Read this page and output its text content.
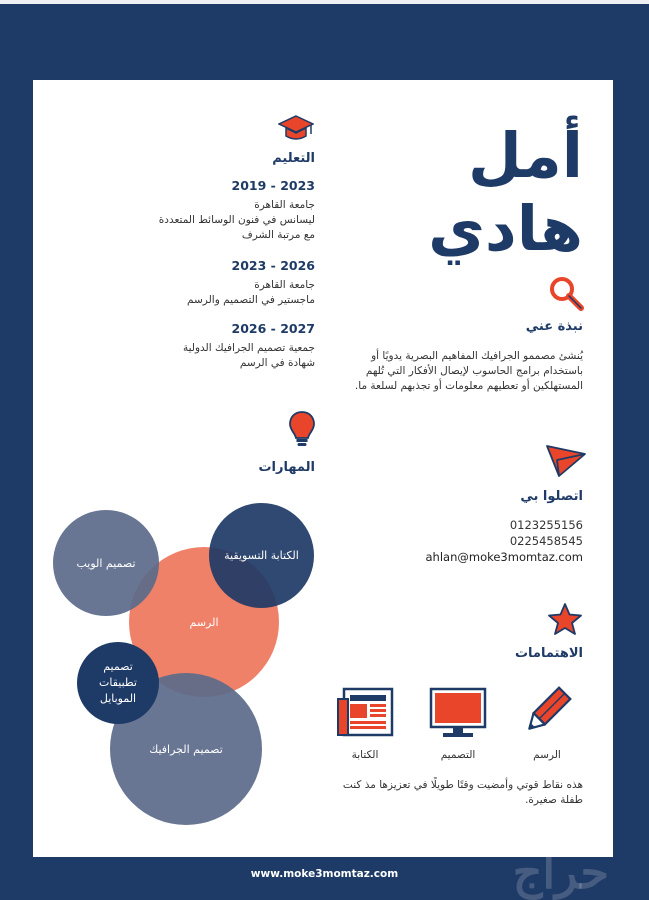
أمل
هادي
نبذة عني
يُنشئ مصممو الجرافيك المفاهيم البصرية يدويًا أو باستخدام برامج الحاسوب لإيصال الأفكار التي تُلهم المستهلكين أو تعطيهم معلومات أو تجذبهم لسلعة ما.
التعليم
2019 - 2023
جامعة القاهرة
ليسانس في فنون الوسائط المتعددة
مع مرتبة الشرف
2023 - 2026
جامعة القاهرة
ماجستير في التصميم والرسم
2026 - 2027
جمعية تصميم الجرافيك الدولية
شهادة في الرسم
المهارات
الرسم
تصميم الويب
الكتابة التسويقية
تصميم الجرافيك
تصميم تطبيقات الموبايل
اتصلوا بي
0123255156
0225458545
ahlan@moke3momtaz.com
الاهتمامات
الرسم
التصميم
الكتابة
هذه نقاط قوتي وأمضيت وقتًا طويلًا في تعزيزها مذ كنت طفلة صغيرة.
حراج
www.moke3momtaz.com
